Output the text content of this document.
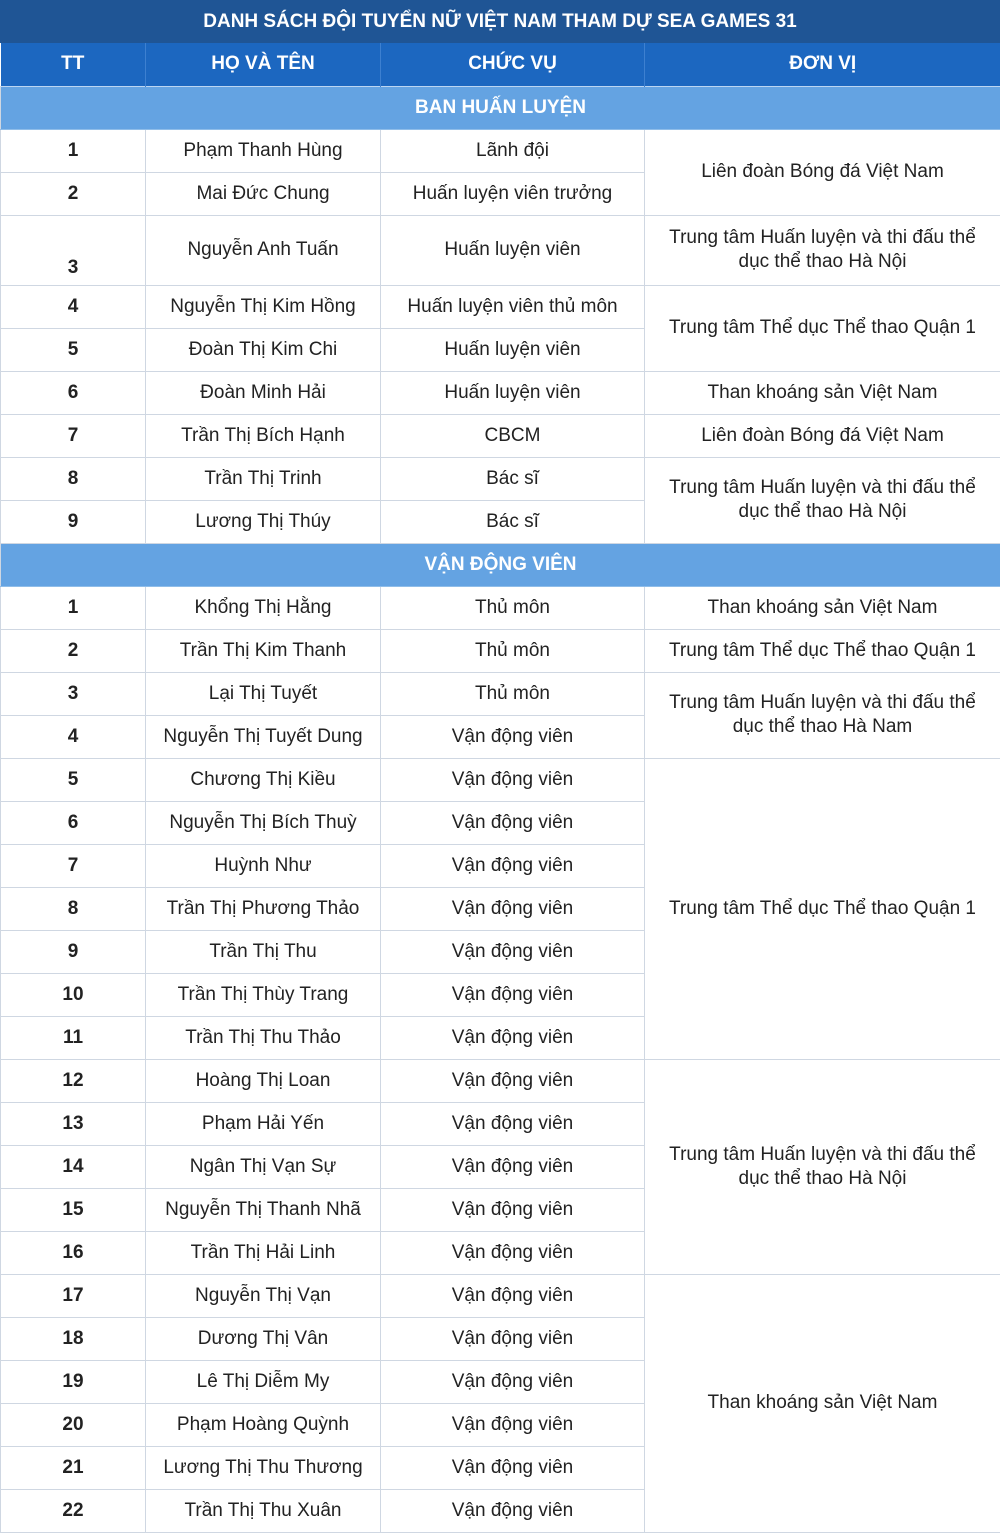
DANH SÁCH ĐỘI TUYỂN NỮ VIỆT NAM THAM DỰ SEA GAMES 31
TT	HỌ VÀ TÊN	CHỨC VỤ	ĐƠN VỊ
BAN HUẤN LUYỆN			
1	Phạm Thanh Hùng	Lãnh đội	Liên đoàn Bóng đá Việt Nam
2	Mai Đức Chung	Huấn luyện viên trưởng	
3	Nguyễn Anh Tuấn	Huấn luyện viên	Trung tâm Huấn luyện và thi đấu thể dục thể thao Hà Nội
4	Nguyễn Thị Kim Hồng	Huấn luyện viên thủ môn	Trung tâm Thể dục Thể thao Quận 1
5	Đoàn Thị Kim Chi	Huấn luyện viên	
6	Đoàn Minh Hải	Huấn luyện viên	Than khoáng sản Việt Nam
7	Trần Thị Bích Hạnh	CBCM	Liên đoàn Bóng đá Việt Nam
8	Trần Thị Trinh	Bác sĩ	Trung tâm Huấn luyện và thi đấu thể dục thể thao Hà Nội
9	Lương Thị Thúy	Bác sĩ	
VẬN ĐỘNG VIÊN			
1	Khổng Thị Hằng	Thủ môn	Than khoáng sản Việt Nam
2	Trần Thị Kim Thanh	Thủ môn	Trung tâm Thể dục Thể thao Quận 1
3	Lại Thị Tuyết	Thủ môn	Trung tâm Huấn luyện và thi đấu thể dục thể thao Hà Nam
4	Nguyễn Thị Tuyết Dung	Vận động viên	
5	Chương Thị Kiều	Vận động viên	Trung tâm Thể dục Thể thao Quận 1
6	Nguyễn Thị Bích Thuỳ	Vận động viên	
7	Huỳnh Như	Vận động viên	
8	Trần Thị Phương Thảo	Vận động viên	
9	Trần Thị Thu	Vận động viên	
10	Trần Thị Thùy Trang	Vận động viên	
11	Trần Thị Thu Thảo	Vận động viên	
12	Hoàng Thị Loan	Vận động viên	Trung tâm Huấn luyện và thi đấu thể dục thể thao Hà Nội
13	Phạm Hải Yến	Vận động viên	
14	Ngân Thị Vạn Sự	Vận động viên	
15	Nguyễn Thị Thanh Nhã	Vận động viên	
16	Trần Thị Hải Linh	Vận động viên	
17	Nguyễn Thị Vạn	Vận động viên	Than khoáng sản Việt Nam
18	Dương Thị Vân	Vận động viên	
19	Lê Thị Diễm My	Vận động viên	
20	Phạm Hoàng Quỳnh	Vận động viên	
21	Lương Thị Thu Thương	Vận động viên	
22	Trần Thị Thu Xuân	Vận động viên	
